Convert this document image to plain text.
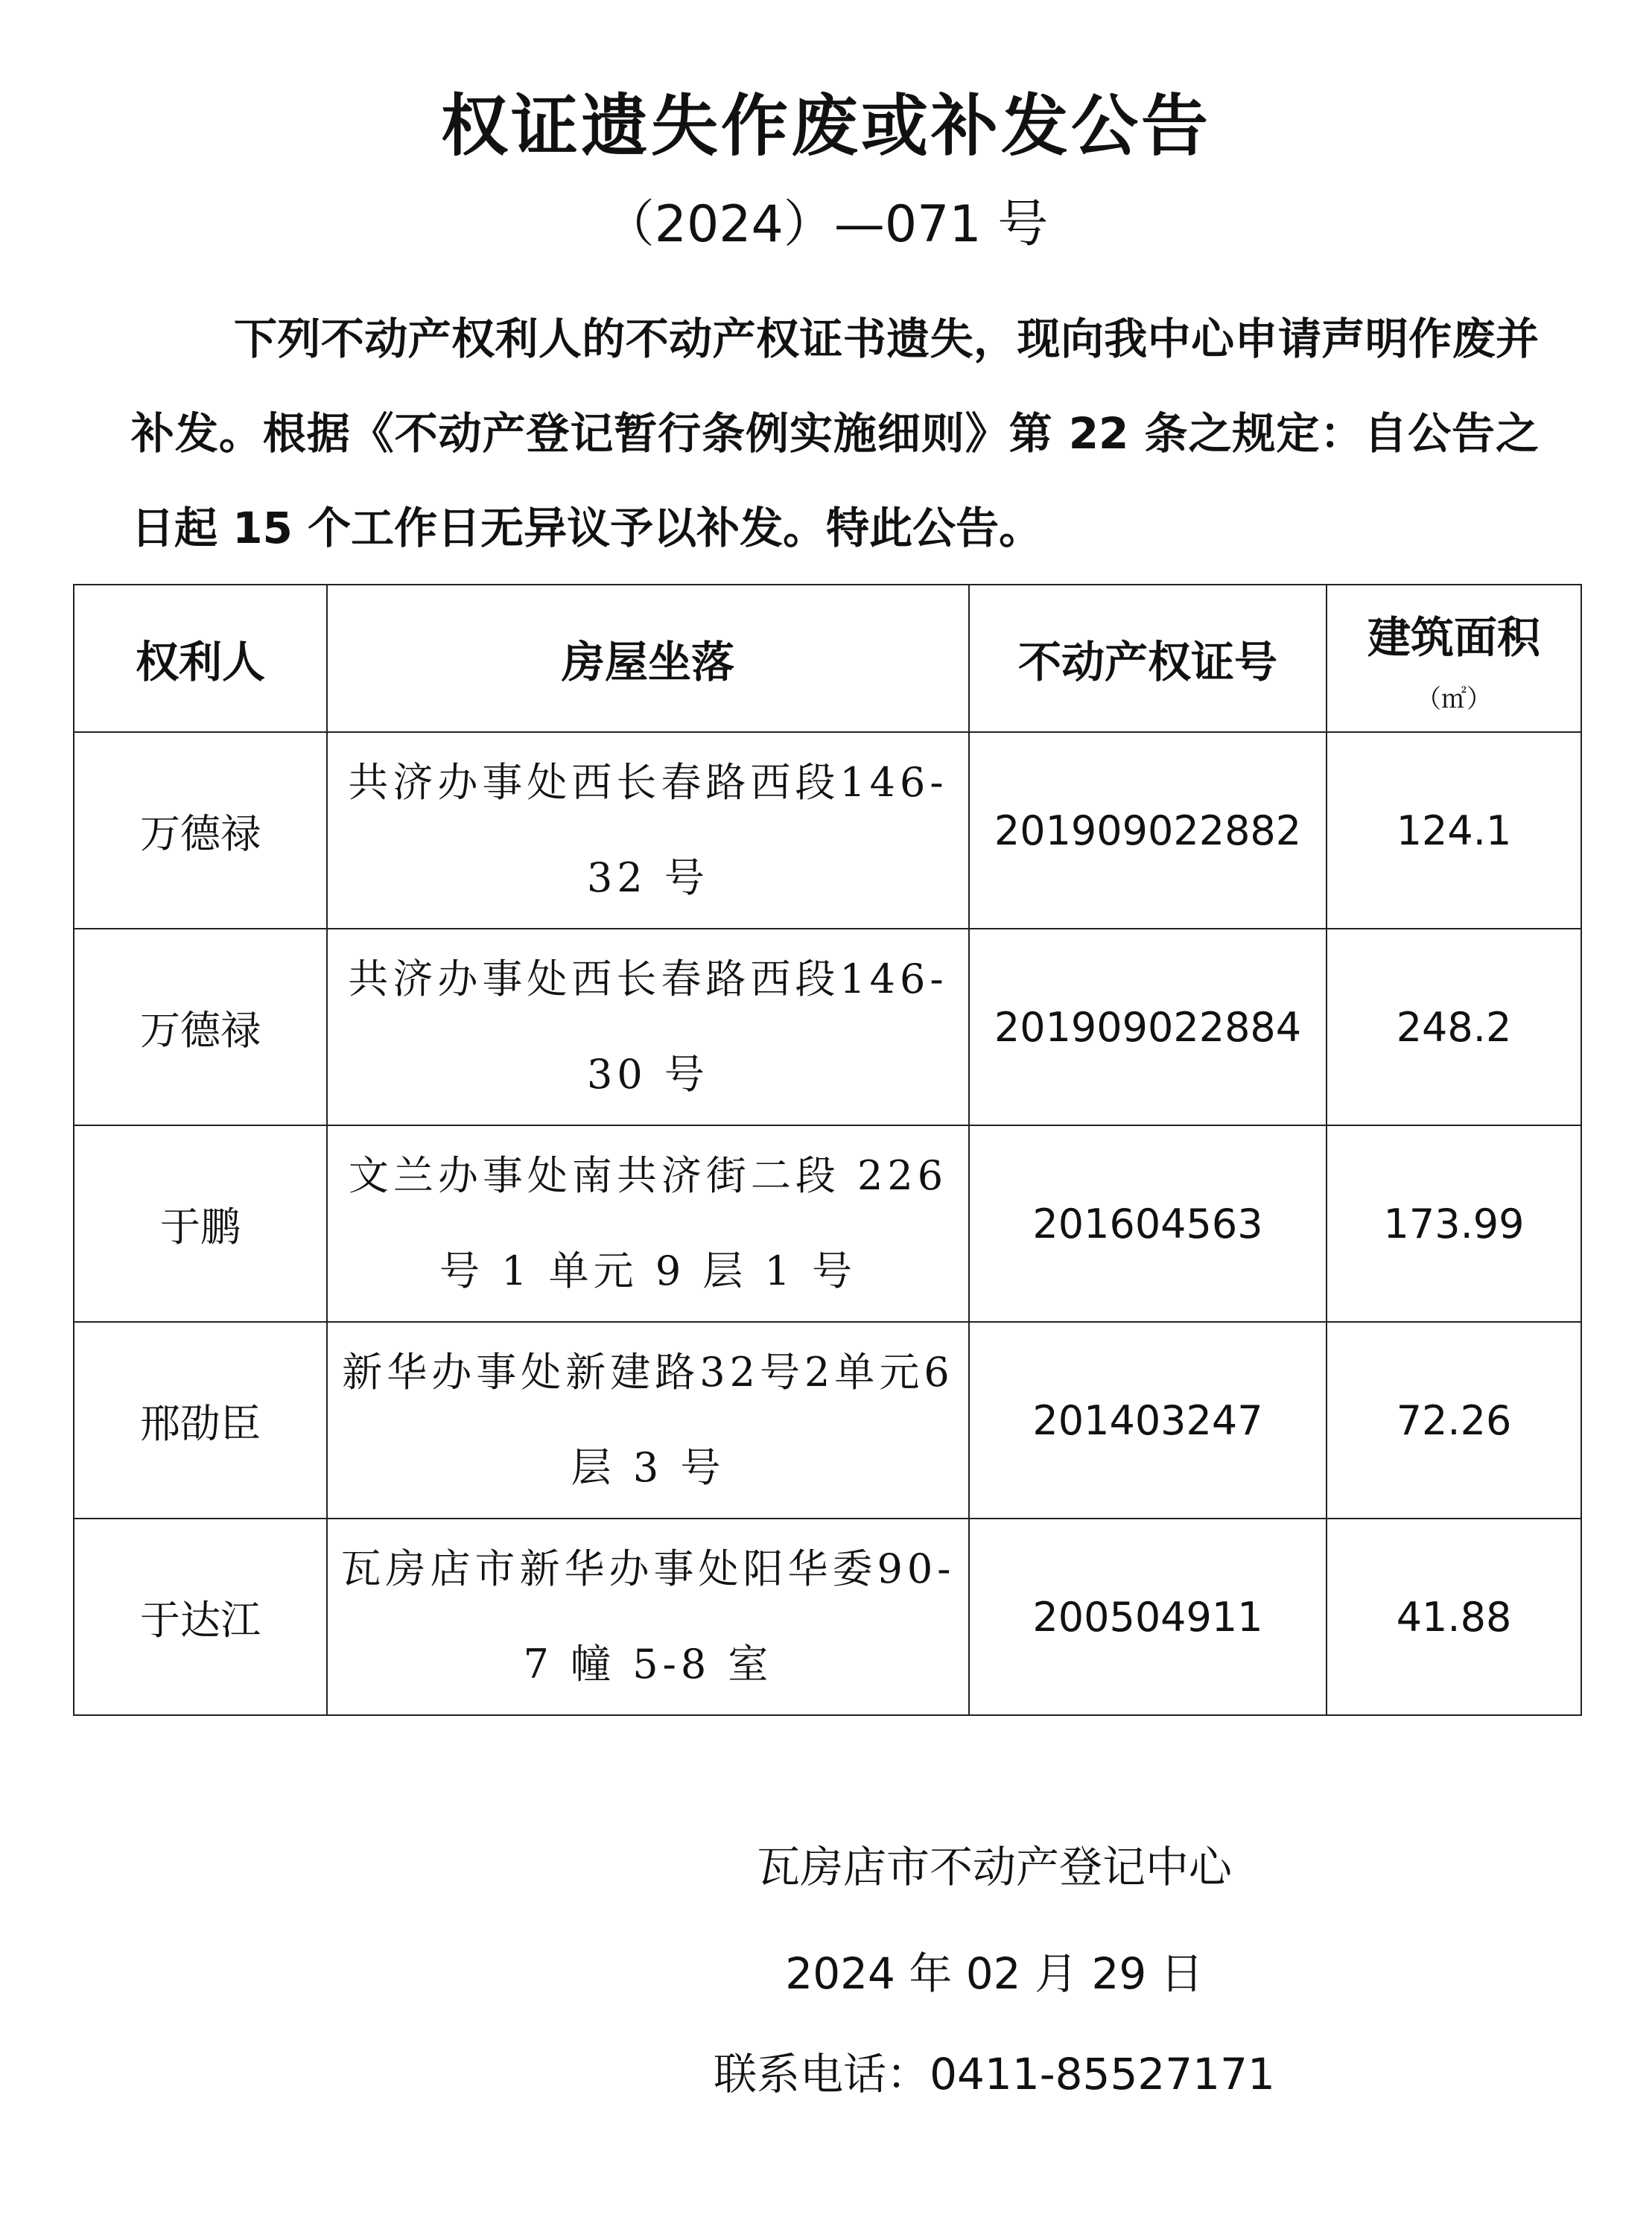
权证遗失作废或补发公告
（2024）—071 号
下列不动产权利人的不动产权证书遗失，现向我中心申请声明作废并补发。根据《不动产登记暂行条例实施细则》第 22 条之规定：自公告之日起 15 个工作日无异议予以补发。特此公告。
权利人	房屋坐落	不动产权证号	建筑面积
（㎡）

万德禄	共济办事处西长春路西段146-32 号	201909022882	124.1
万德禄	共济办事处西长春路西段146-30 号	201909022884	248.2
于鹏	文兰办事处南共济街二段 226 号 1 单元 9 层 1 号	201604563	173.99
邢劭臣	新华办事处新建路32号2单元6 层 3 号	201403247	72.26
于达江	瓦房店市新华办事处阳华委90-7 幢 5-8 室	200504911	41.88
瓦房店市不动产登记中心
2024 年 02 月 29 日
联系电话：0411-85527171
